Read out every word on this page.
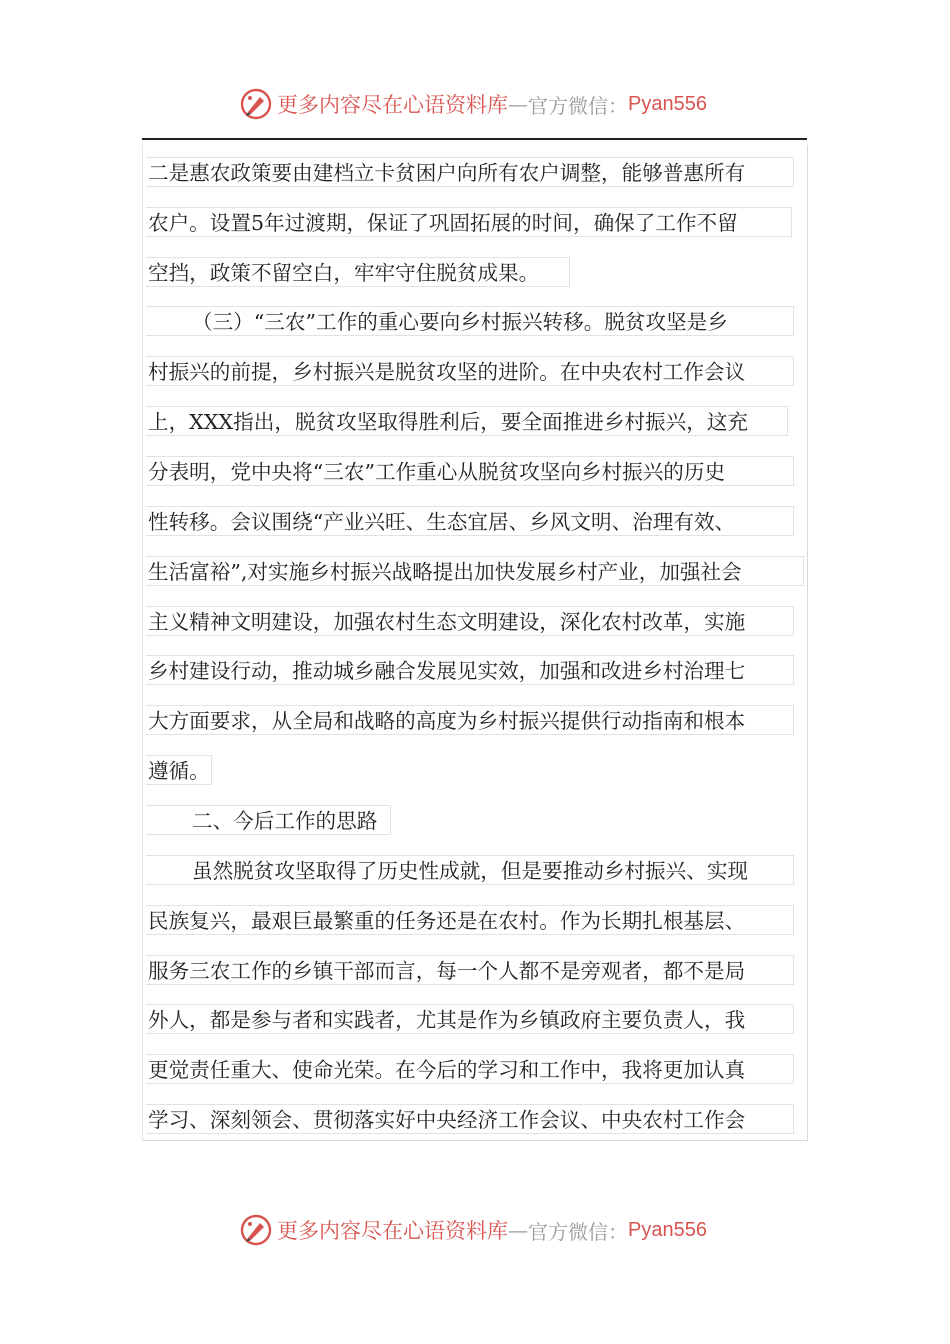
更多内容尽在心语资料库 — 官方微信： Pyan556
二是惠农政策要由建档立卡贫困户向所有农户调整，能够普惠所有
农户。设置5年过渡期，保证了巩固拓展的时间，确保了工作不留
空挡，政策不留空白，牢牢守住脱贫成果。
（三）“三农”工作的重心要向乡村振兴转移。脱贫攻坚是乡
村振兴的前提，乡村振兴是脱贫攻坚的进阶。在中央农村工作会议
上，XXX指出，脱贫攻坚取得胜利后，要全面推进乡村振兴，这充
分表明，党中央将“三农”工作重心从脱贫攻坚向乡村振兴的历史
性转移。会议围绕“产业兴旺、生态宜居、乡风文明、治理有效、
生活富裕”,对实施乡村振兴战略提出加快发展乡村产业，加强社会
主义精神文明建设，加强农村生态文明建设，深化农村改革，实施
乡村建设行动，推动城乡融合发展见实效，加强和改进乡村治理七
大方面要求，从全局和战略的高度为乡村振兴提供行动指南和根本
遵循。
二、今后工作的思路
虽然脱贫攻坚取得了历史性成就，但是要推动乡村振兴、实现
民族复兴，最艰巨最繁重的任务还是在农村。作为长期扎根基层、
服务三农工作的乡镇干部而言，每一个人都不是旁观者，都不是局
外人，都是参与者和实践者，尤其是作为乡镇政府主要负责人，我
更觉责任重大、使命光荣。在今后的学习和工作中，我将更加认真
学习、深刻领会、贯彻落实好中央经济工作会议、中央农村工作会
更多内容尽在心语资料库 — 官方微信： Pyan556
